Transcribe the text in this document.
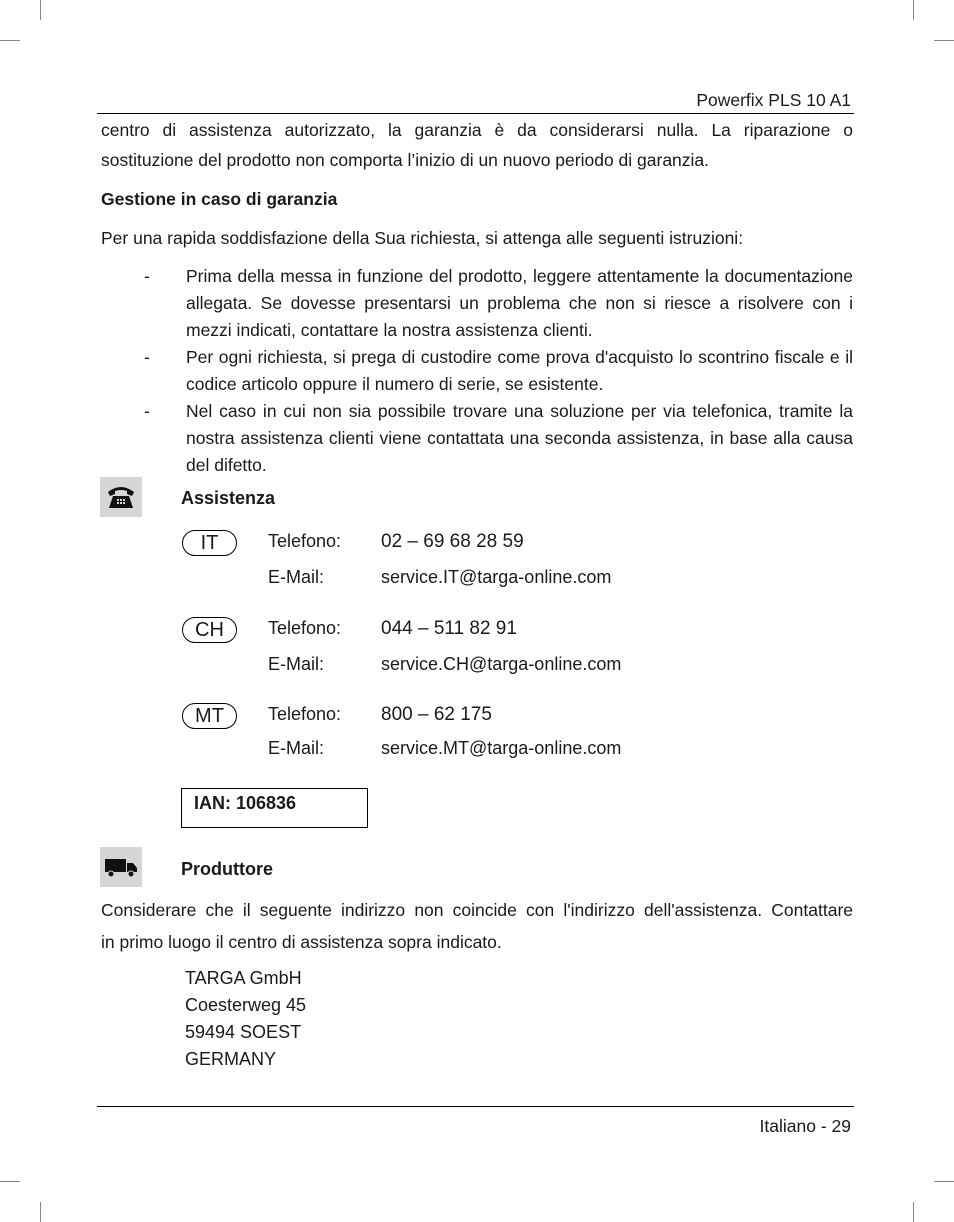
Powerfix PLS 10 A1
centro di assistenza autorizzato, la garanzia è da considerarsi nulla. La riparazione o
sostituzione del prodotto non comporta l’inizio di un nuovo periodo di garanzia.
Gestione in caso di garanzia
Per una rapida soddisfazione della Sua richiesta, si attenga alle seguenti istruzioni:
- Prima della messa in funzione del prodotto, leggere attentamente la documentazione allegata. Se dovesse presentarsi un problema che non si riesce a risolvere con i mezzi indicati, contattare la nostra assistenza clienti.
- Per ogni richiesta, si prega di custodire come prova d'acquisto lo scontrino fiscale e il codice articolo oppure il numero di serie, se esistente.
- Nel caso in cui non sia possibile trovare una soluzione per via telefonica, tramite la nostra assistenza clienti viene contattata una seconda assistenza, in base alla causa del difetto.
Assistenza
IT	Telefono: 02 – 69 68 28 59
E-Mail:	service.IT@targa-online.com
CH	Telefono: 044 – 511 82 91
E-Mail:	service.CH@targa-online.com
MT	Telefono: 800 – 62 175
E-Mail:	service.MT@targa-online.com
IAN: 106836
Produttore
Considerare che il seguente indirizzo non coincide con l'indirizzo dell'assistenza. Contattare
in primo luogo il centro di assistenza sopra indicato.
TARGA GmbH
Coesterweg 45
59494 SOEST
GERMANY
Italiano - 29
